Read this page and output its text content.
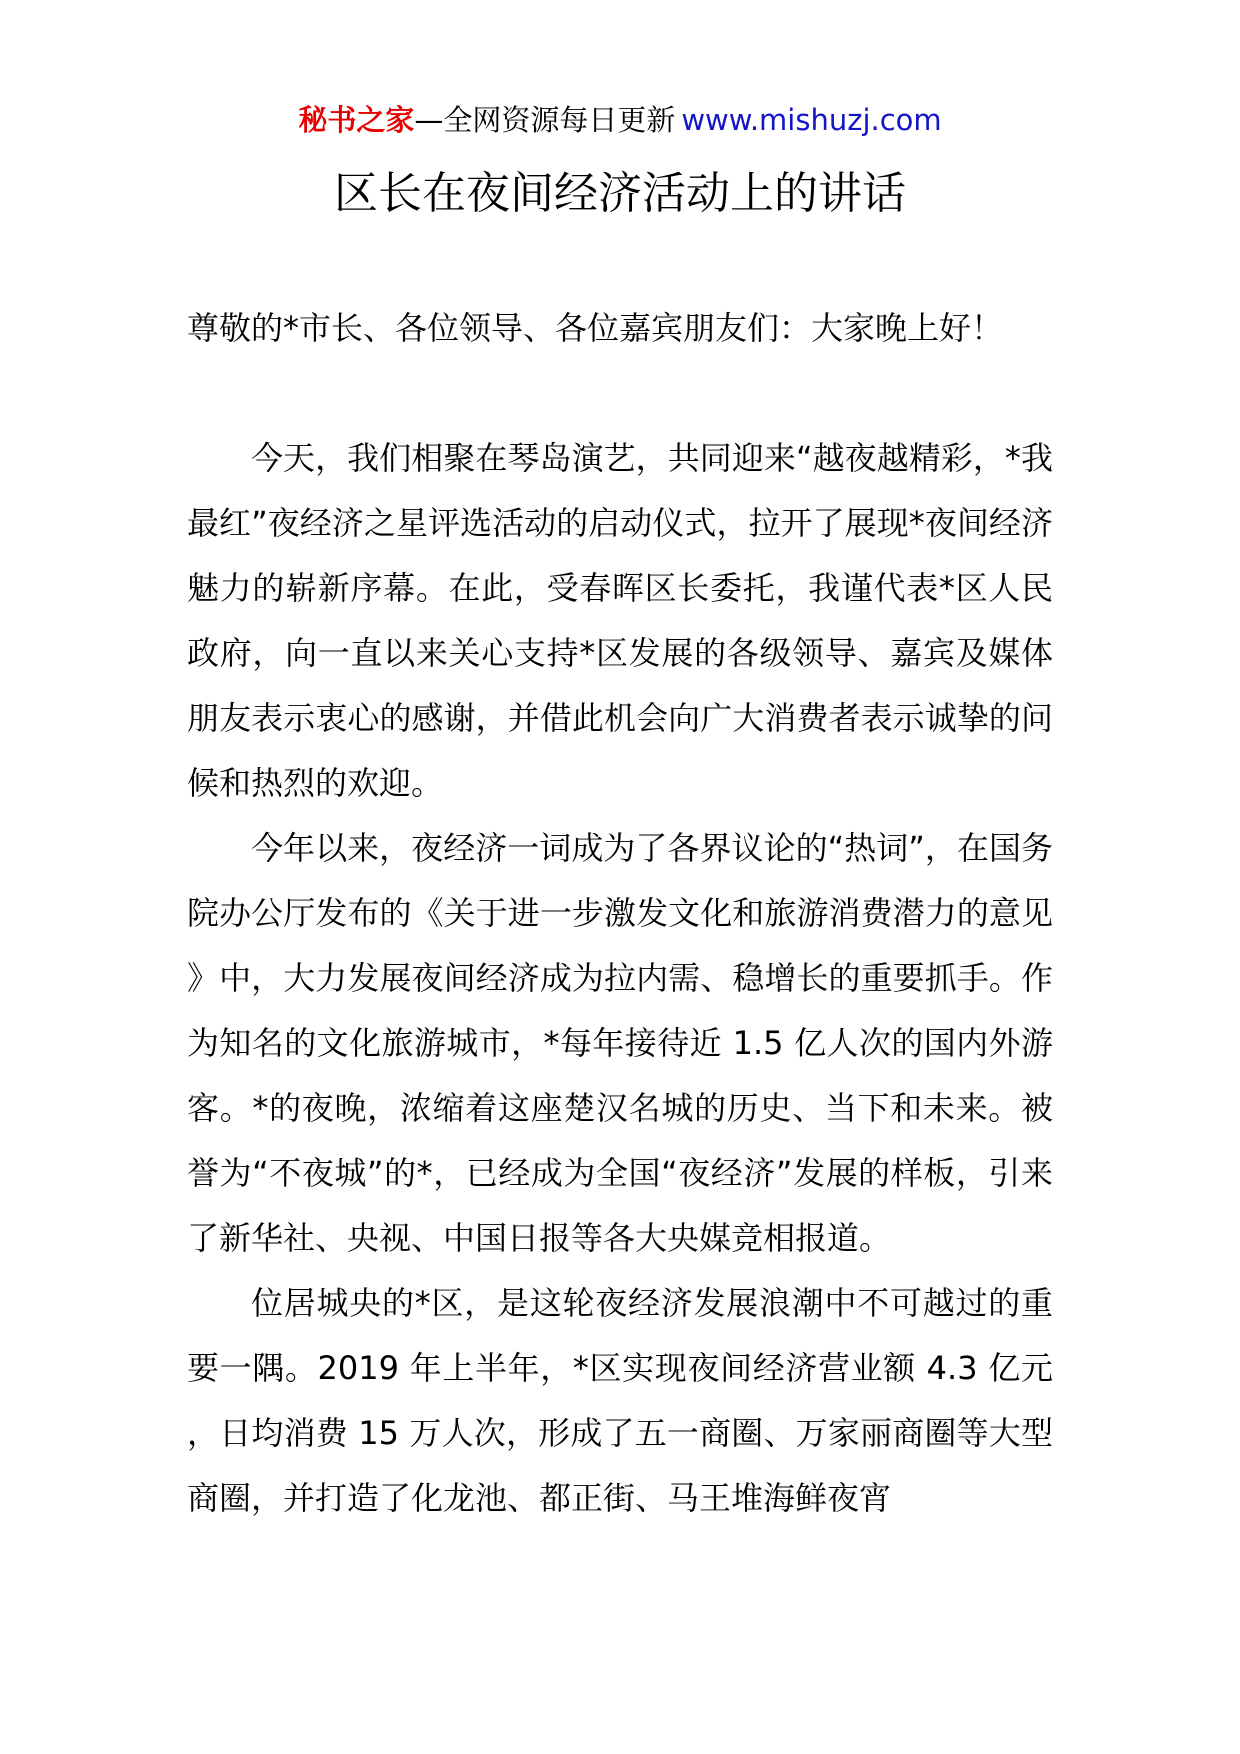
秘书之家—全网资源每日更新 www.mishuzj.com
区长在夜间经济活动上的讲话

尊敬的*市长、各位领导、各位嘉宾朋友们：大家晚上好！

今天，我们相聚在琴岛演艺，共同迎来“越夜越精彩，*我最红”夜经济之星评选活动的启动仪式，拉开了展现*夜间经济魅力的崭新序幕。在此，受春晖区长委托，我谨代表*区人民政府，向一直以来关心支持*区发展的各级领导、嘉宾及媒体朋友表示衷心的感谢，并借此机会向广大消费者表示诚挚的问候和热烈的欢迎。

今年以来，夜经济一词成为了各界议论的“热词”，在国务院办公厅发布的《关于进一步激发文化和旅游消费潜力的意见》中，大力发展夜间经济成为拉内需、稳增长的重要抓手。作为知名的文化旅游城市，*每年接待近 1.5 亿人次的国内外游客。*的夜晚，浓缩着这座楚汉名城的历史、当下和未来。被誉为“不夜城”的*，已经成为全国“夜经济”发展的样板，引来了新华社、央视、中国日报等各大央媒竞相报道。

位居城央的*区，是这轮夜经济发展浪潮中不可越过的重要一隅。2019 年上半年，*区实现夜间经济营业额 4.3 亿元，日均消费 15 万人次，形成了五一商圈、万家丽商圈等大型商圈，并打造了化龙池、都正街、马王堆海鲜夜宵
